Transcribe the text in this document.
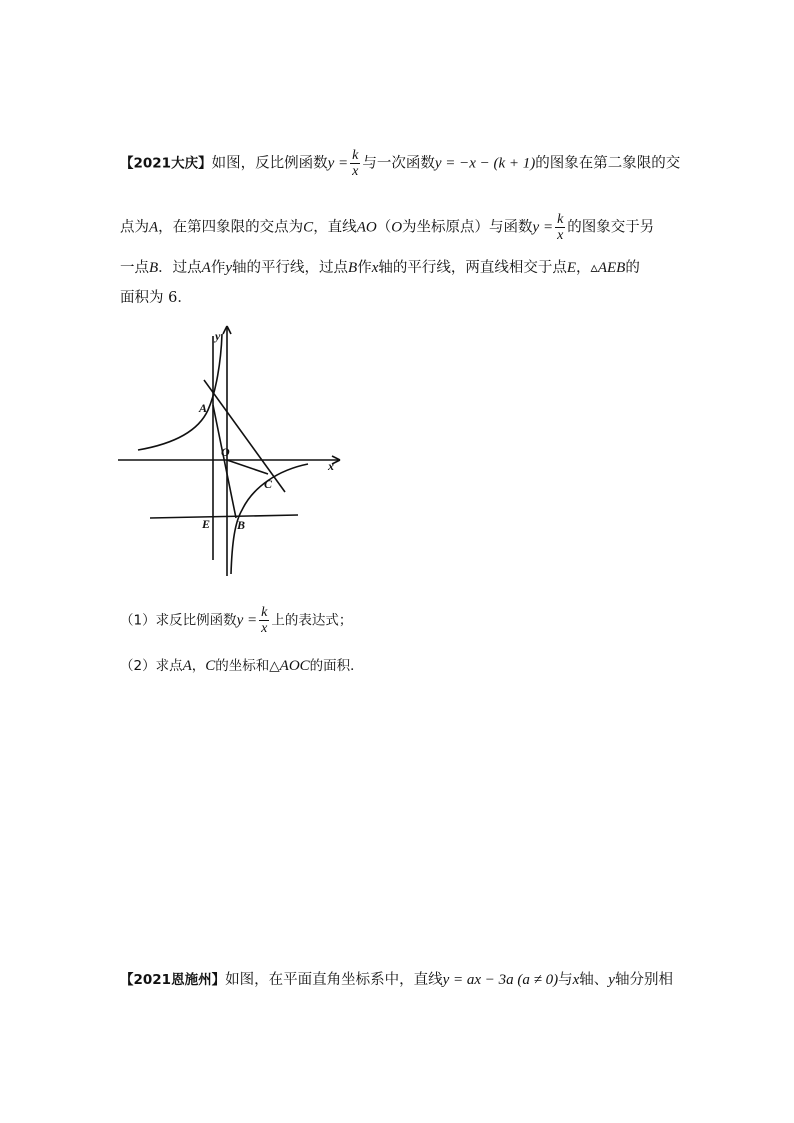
【2021大庆】如图，反比例函数$y = \frac{k}{x}$ 与一次函数y = −x − (k + 1)的图象在第二象限的交
点为A，在第四象限的交点为C，直线AO（O为坐标原点）与函数$y = \frac{k}{x}$ 的图象交于另
一点B．过点A作y轴的平行线，过点B作x轴的平行线，两直线相交于点E，▵AEB的
面积为 6．
y
x
A
O
C
E B
（1）求反比例函数$y = \frac{k}{x}$ 上的表达式；
（2）求点A，C的坐标和△AOC的面积．
【2021恩施州】如图，在平面直角坐标系中，直线y = ax − 3a (a ≠ 0)与x轴、y轴分别相
